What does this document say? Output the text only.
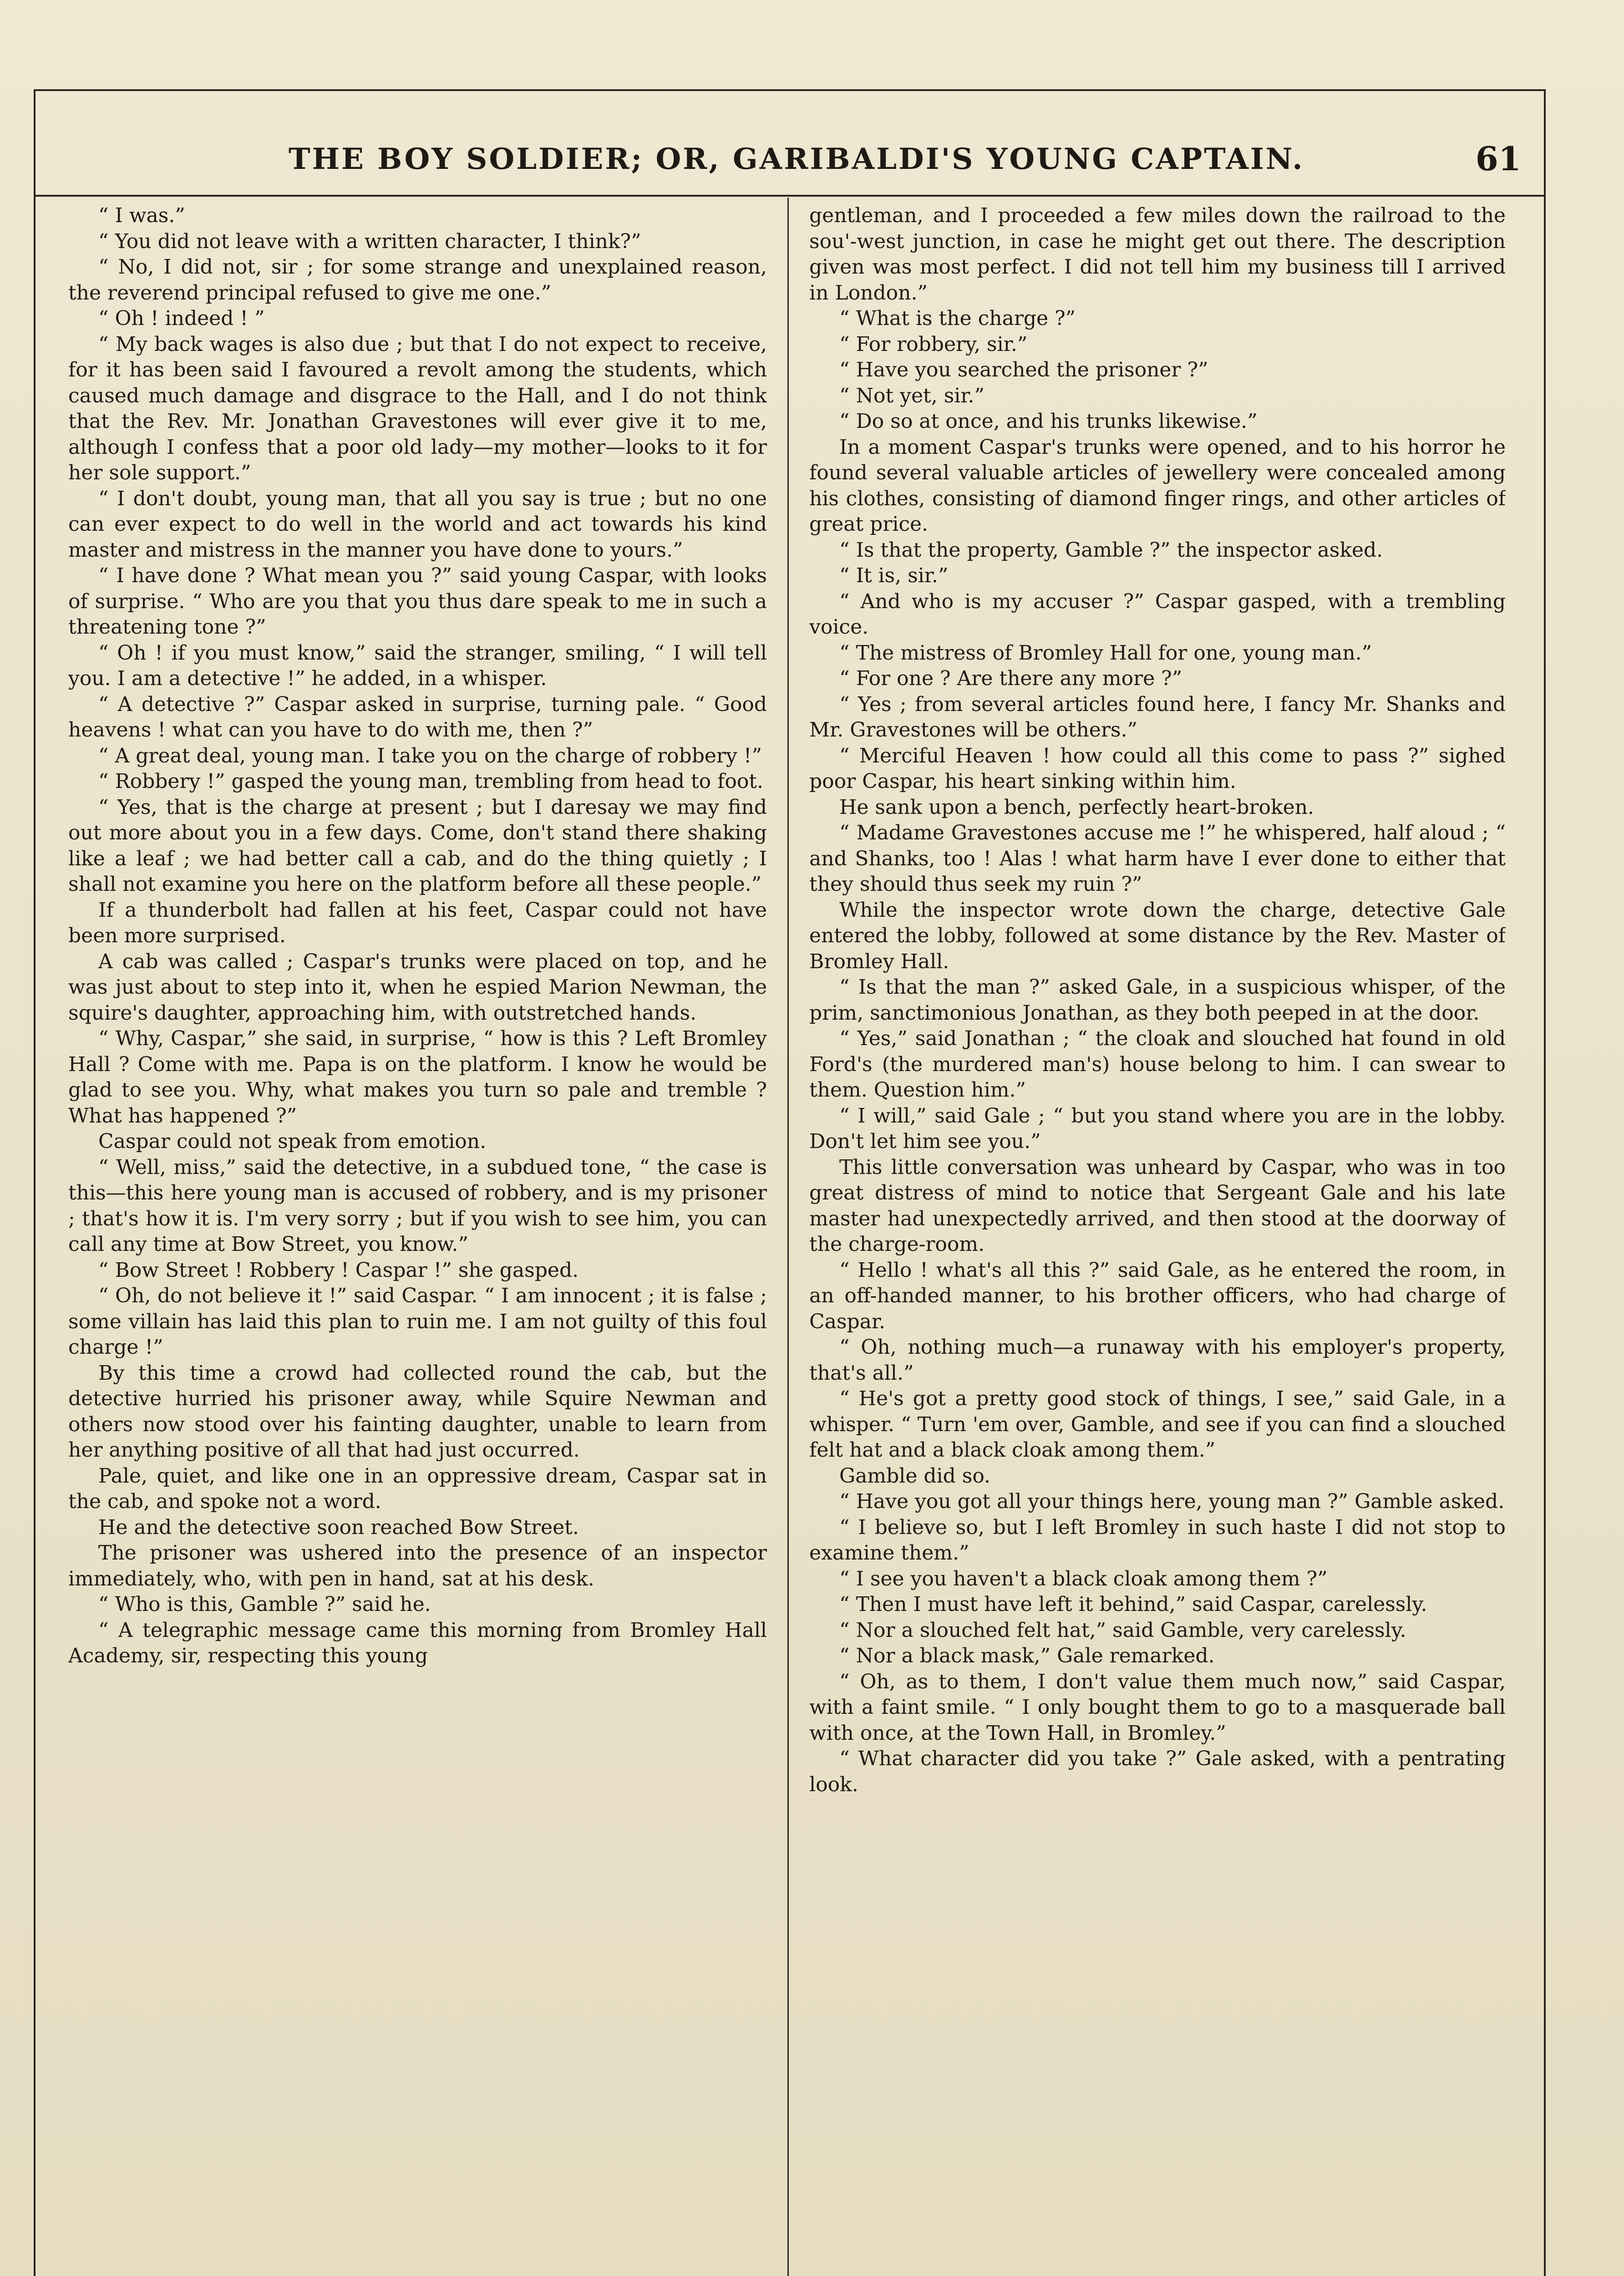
THE BOY SOLDIER; OR, GARIBALDI'S YOUNG CAPTAIN.	61

“ I was.”

“ You did not leave with a written character, I think?”

“ No, I did not, sir ; for some strange and unexplained reason, the reverend principal refused to give me one.”

“ Oh ! indeed ! ”

“ My back wages is also due ; but that I do not expect to receive, for it has been said I favoured a revolt among the students, which caused much damage and disgrace to the Hall, and I do not think that the Rev. Mr. Jonathan Gravestones will ever give it to me, although I confess that a poor old lady—my mother—looks to it for her sole support.”

“ I don't doubt, young man, that all you say is true ; but no one can ever expect to do well in the world and act towards his kind master and mistress in the manner you have done to yours.”

“ I have done ? What mean you ?” said young Caspar, with looks of surprise. “ Who are you that you thus dare speak to me in such a threatening tone ?”

“ Oh ! if you must know,” said the stranger, smiling, “ I will tell you. I am a detective !” he added, in a whisper.

“ A detective ?” Caspar asked in surprise, turning pale. “ Good heavens ! what can you have to do with me, then ?”

“ A great deal, young man. I take you on the charge of robbery !”

“ Robbery !” gasped the young man, trembling from head to foot.

“ Yes, that is the charge at present ; but I daresay we may find out more about you in a few days. Come, don't stand there shaking like a leaf ; we had better call a cab, and do the thing quietly ; I shall not examine you here on the platform before all these people.”

If a thunderbolt had fallen at his feet, Caspar could not have been more surprised.

A cab was called ; Caspar's trunks were placed on top, and he was just about to step into it, when he espied Marion Newman, the squire's daughter, approaching him, with outstretched hands.

“ Why, Caspar,” she said, in surprise, “ how is this ? Left Bromley Hall ? Come with me. Papa is on the platform. I know he would be glad to see you. Why, what makes you turn so pale and tremble ? What has happened ?”

Caspar could not speak from emotion.

“ Well, miss,” said the detective, in a subdued tone, “ the case is this—this here young man is accused of robbery, and is my prisoner ; that's how it is. I'm very sorry ; but if you wish to see him, you can call any time at Bow Street, you know.”

“ Bow Street ! Robbery ! Caspar !” she gasped.

“ Oh, do not believe it !” said Caspar. “ I am innocent ; it is false ; some villain has laid this plan to ruin me. I am not guilty of this foul charge !”

By this time a crowd had collected round the cab, but the detective hurried his prisoner away, while Squire Newman and others now stood over his fainting daughter, unable to learn from her anything positive of all that had just occurred.

Pale, quiet, and like one in an oppressive dream, Caspar sat in the cab, and spoke not a word.

He and the detective soon reached Bow Street.

The prisoner was ushered into the presence of an inspector immediately, who, with pen in hand, sat at his desk.

“ Who is this, Gamble ?” said he.

“ A telegraphic message came this morning from Bromley Hall Academy, sir, respecting this young

gentleman, and I proceeded a few miles down the railroad to the sou'-west junction, in case he might get out there. The description given was most perfect. I did not tell him my business till I arrived in London.”

“ What is the charge ?”

“ For robbery, sir.”

“ Have you searched the prisoner ?”

“ Not yet, sir.”

“ Do so at once, and his trunks likewise.”

In a moment Caspar's trunks were opened, and to his horror he found several valuable articles of jewellery were concealed among his clothes, consisting of diamond finger rings, and other articles of great price.

“ Is that the property, Gamble ?” the inspector asked.

“ It is, sir.”

“ And who is my accuser ?” Caspar gasped, with a trembling voice.

“ The mistress of Bromley Hall for one, young man.”

“ For one ? Are there any more ?”

“ Yes ; from several articles found here, I fancy Mr. Shanks and Mr. Gravestones will be others.”

“ Merciful Heaven ! how could all this come to pass ?” sighed poor Caspar, his heart sinking within him.

He sank upon a bench, perfectly heart-broken.

“ Madame Gravestones accuse me !” he whispered, half aloud ; “ and Shanks, too ! Alas ! what harm have I ever done to either that they should thus seek my ruin ?”

While the inspector wrote down the charge, detective Gale entered the lobby, followed at some distance by the Rev. Master of Bromley Hall.

“ Is that the man ?” asked Gale, in a suspicious whisper, of the prim, sanctimonious Jonathan, as they both peeped in at the door.

“ Yes,” said Jonathan ; “ the cloak and slouched hat found in old Ford's (the murdered man's) house belong to him. I can swear to them. Question him.”

“ I will,” said Gale ; “ but you stand where you are in the lobby. Don't let him see you.”

This little conversation was unheard by Caspar, who was in too great distress of mind to notice that Sergeant Gale and his late master had unexpectedly arrived, and then stood at the doorway of the charge-room.

“ Hello ! what's all this ?” said Gale, as he entered the room, in an off-handed manner, to his brother officers, who had charge of Caspar.

“ Oh, nothing much—a runaway with his employer's property, that's all.”

“ He's got a pretty good stock of things, I see,” said Gale, in a whisper. “ Turn 'em over, Gamble, and see if you can find a slouched felt hat and a black cloak among them.”

Gamble did so.

“ Have you got all your things here, young man ?” Gamble asked.

“ I believe so, but I left Bromley in such haste I did not stop to examine them.”

“ I see you haven't a black cloak among them ?”

“ Then I must have left it behind,” said Caspar, carelessly.

“ Nor a slouched felt hat,” said Gamble, very carelessly.

“ Nor a black mask,” Gale remarked.

“ Oh, as to them, I don't value them much now,” said Caspar, with a faint smile. “ I only bought them to go to a masquerade ball with once, at the Town Hall, in Bromley.”

“ What character did you take ?” Gale asked, with a pentrating look.
